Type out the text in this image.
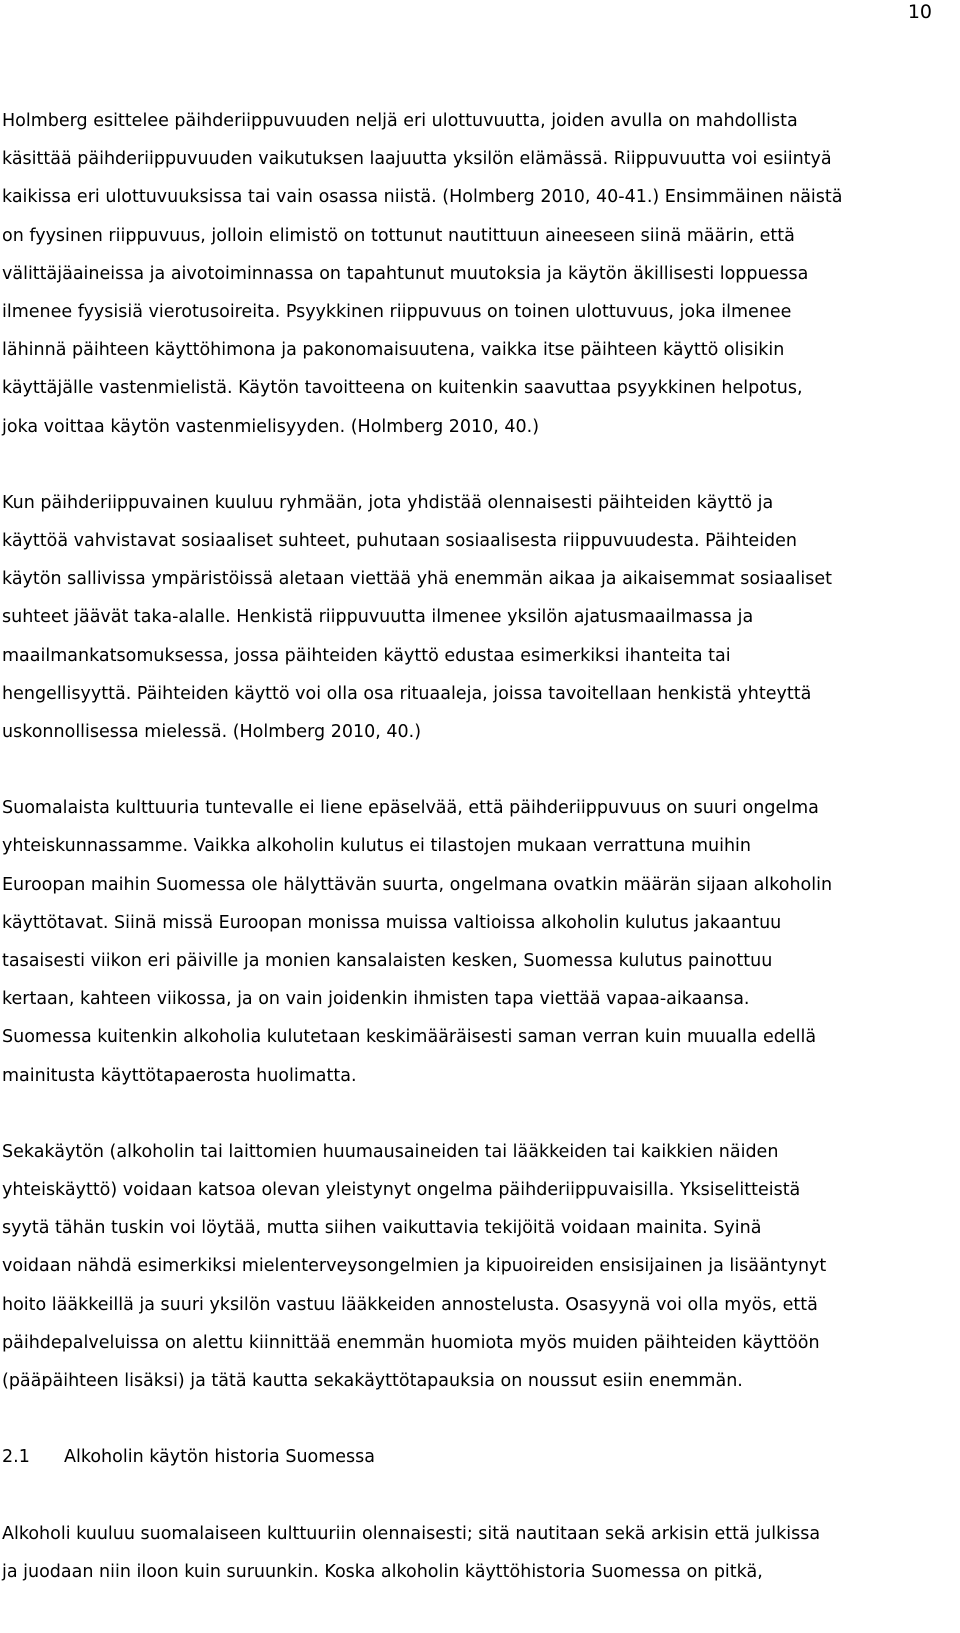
10

Holmberg esittelee päihderiippuvuuden neljä eri ulottuvuutta, joiden avulla on mahdollista
käsittää päihderiippuvuuden vaikutuksen laajuutta yksilön elämässä. Riippuvuutta voi esiintyä
kaikissa eri ulottuvuuksissa tai vain osassa niistä. (Holmberg 2010, 40-41.) Ensimmäinen näistä
on fyysinen riippuvuus, jolloin elimistö on tottunut nautittuun aineeseen siinä määrin, että
välittäjäaineissa ja aivotoiminnassa on tapahtunut muutoksia ja käytön äkillisesti loppuessa
ilmenee fyysisiä vierotusoireita. Psyykkinen riippuvuus on toinen ulottuvuus, joka ilmenee
lähinnä päihteen käyttöhimona ja pakonomaisuutena, vaikka itse päihteen käyttö olisikin
käyttäjälle vastenmielistä. Käytön tavoitteena on kuitenkin saavuttaa psyykkinen helpotus,
joka voittaa käytön vastenmielisyyden. (Holmberg 2010, 40.)

Kun päihderiippuvainen kuuluu ryhmään, jota yhdistää olennaisesti päihteiden käyttö ja
käyttöä vahvistavat sosiaaliset suhteet, puhutaan sosiaalisesta riippuvuudesta. Päihteiden
käytön sallivissa ympäristöissä aletaan viettää yhä enemmän aikaa ja aikaisemmat sosiaaliset
suhteet jäävät taka-alalle. Henkistä riippuvuutta ilmenee yksilön ajatusmaailmassa ja
maailmankatsomuksessa, jossa päihteiden käyttö edustaa esimerkiksi ihanteita tai
hengellisyyttä. Päihteiden käyttö voi olla osa rituaaleja, joissa tavoitellaan henkistä yhteyttä
uskonnollisessa mielessä. (Holmberg 2010, 40.)

Suomalaista kulttuuria tuntevalle ei liene epäselvää, että päihderiippuvuus on suuri ongelma
yhteiskunnassamme. Vaikka alkoholin kulutus ei tilastojen mukaan verrattuna muihin
Euroopan maihin Suomessa ole hälyttävän suurta, ongelmana ovatkin määrän sijaan alkoholin
käyttötavat. Siinä missä Euroopan monissa muissa valtioissa alkoholin kulutus jakaantuu
tasaisesti viikon eri päiville ja monien kansalaisten kesken, Suomessa kulutus painottuu
kertaan, kahteen viikossa, ja on vain joidenkin ihmisten tapa viettää vapaa-aikaansa.
Suomessa kuitenkin alkoholia kulutetaan keskimääräisesti saman verran kuin muualla edellä
mainitusta käyttötapaerosta huolimatta.

Sekakäytön (alkoholin tai laittomien huumausaineiden tai lääkkeiden tai kaikkien näiden
yhteiskäyttö) voidaan katsoa olevan yleistynyt ongelma päihderiippuvaisilla. Yksiselitteistä
syytä tähän tuskin voi löytää, mutta siihen vaikuttavia tekijöitä voidaan mainita. Syinä
voidaan nähdä esimerkiksi mielenterveysongelmien ja kipuoireiden ensisijainen ja lisääntynyt
hoito lääkkeillä ja suuri yksilön vastuu lääkkeiden annostelusta. Osasyynä voi olla myös, että
päihdepalveluissa on alettu kiinnittää enemmän huomiota myös muiden päihteiden käyttöön
(pääpäihteen lisäksi) ja tätä kautta sekakäyttötapauksia on noussut esiin enemmän.

2.1 Alkoholin käytön historia Suomessa

Alkoholi kuuluu suomalaiseen kulttuuriin olennaisesti; sitä nautitaan sekä arkisin että julkissa
ja juodaan niin iloon kuin suruunkin. Koska alkoholin käyttöhistoria Suomessa on pitkä,
